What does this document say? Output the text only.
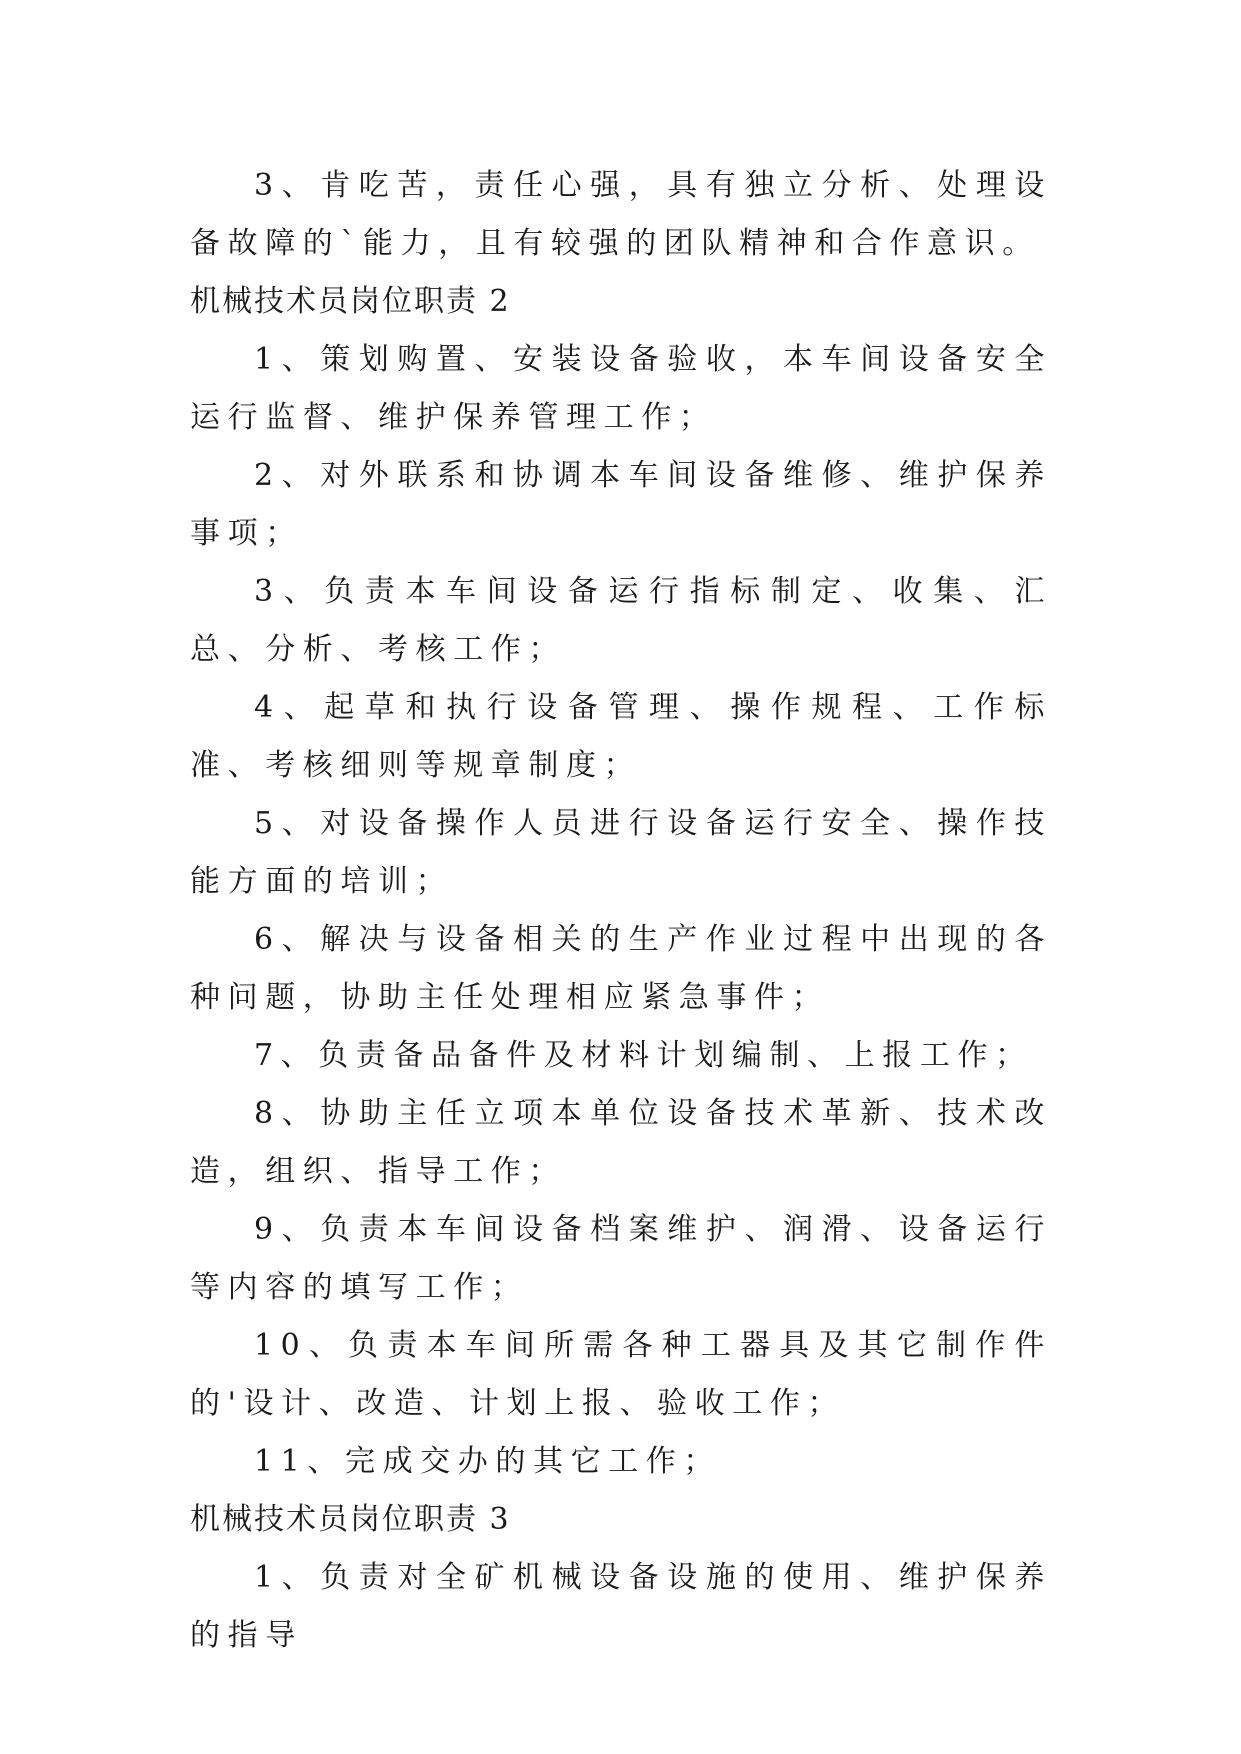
3、肯吃苦，责任心强，具有独立分析、处理设备故障的`能力，且有较强的团队精神和合作意识。

机械技术员岗位职责 2

1、策划购置、安装设备验收，本车间设备安全运行监督、维护保养管理工作；

2、对外联系和协调本车间设备维修、维护保养事项；

3、负责本车间设备运行指标制定、收集、汇总、分析、考核工作；

4、起草和执行设备管理、操作规程、工作标准、考核细则等规章制度；

5、对设备操作人员进行设备运行安全、操作技能方面的培训；

6、解决与设备相关的生产作业过程中出现的各种问题，协助主任处理相应紧急事件；

7、负责备品备件及材料计划编制、上报工作；

8、协助主任立项本单位设备技术革新、技术改造，组织、指导工作；

9、负责本车间设备档案维护、润滑、设备运行等内容的填写工作；

10、负责本车间所需各种工器具及其它制作件的'设计、改造、计划上报、验收工作；

11、完成交办的其它工作；

机械技术员岗位职责 3

1、负责对全矿机械设备设施的使用、维护保养的指导
